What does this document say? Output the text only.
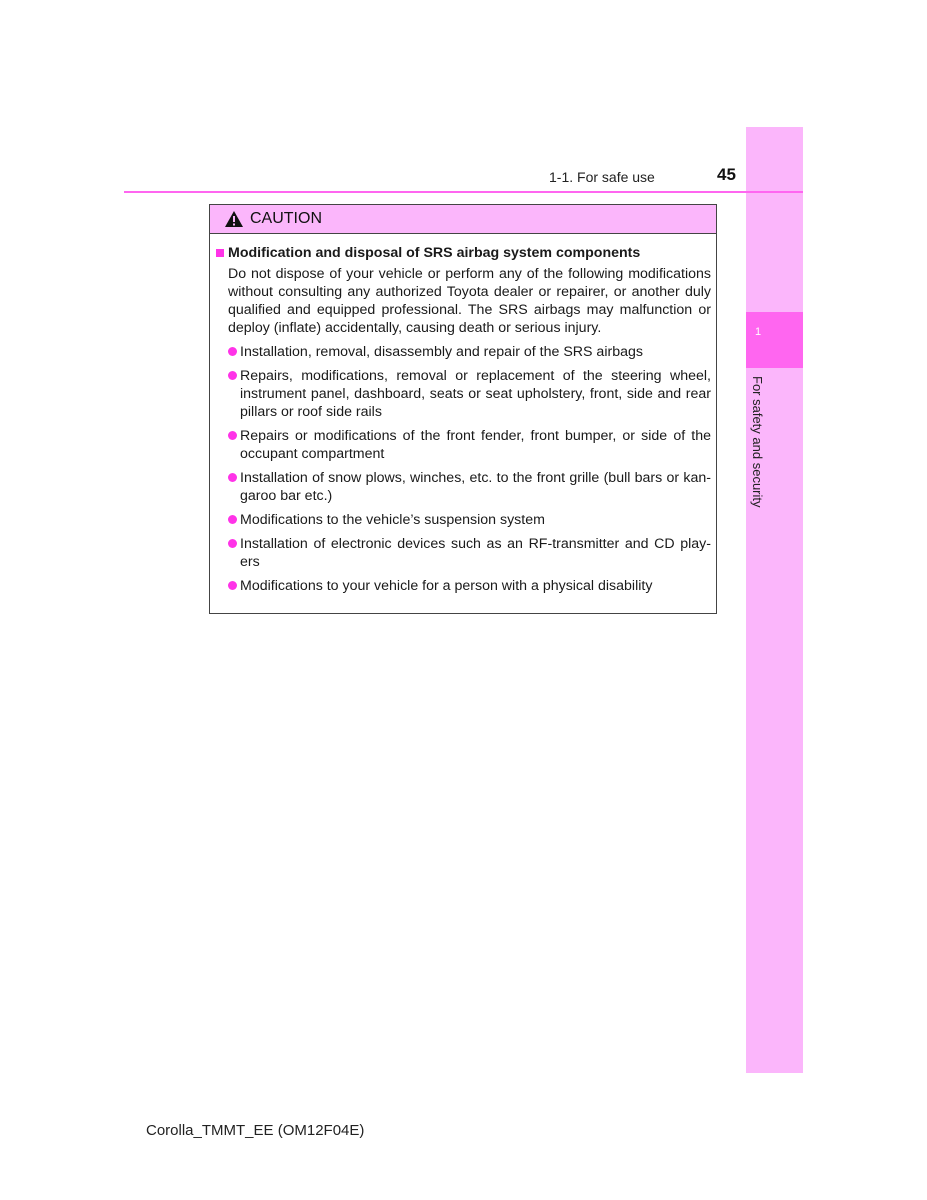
1
For safety and security
1-1. For safe use	45
CAUTION
Modification and disposal of SRS airbag system components
Do not dispose of your vehicle or perform any of the following modifications without consulting any authorized Toyota dealer or repairer, or another duly qualified and equipped professional. The SRS airbags may malfunction or deploy (inflate) accidentally, causing death or serious injury.
Installation, removal, disassembly and repair of the SRS airbags
Repairs, modifications, removal or replacement of the steering wheel, instrument panel, dashboard, seats or seat upholstery, front, side and rear pillars or roof side rails
Repairs or modifications of the front fender, front bumper, or side of the occupant compartment
Installation of snow plows, winches, etc. to the front grille (bull bars or kan-garoo bar etc.)
Modifications to the vehicle’s suspension system
Installation of electronic devices such as an RF-transmitter and CD play-ers
Modifications to your vehicle for a person with a physical disability
Corolla_TMMT_EE (OM12F04E)
